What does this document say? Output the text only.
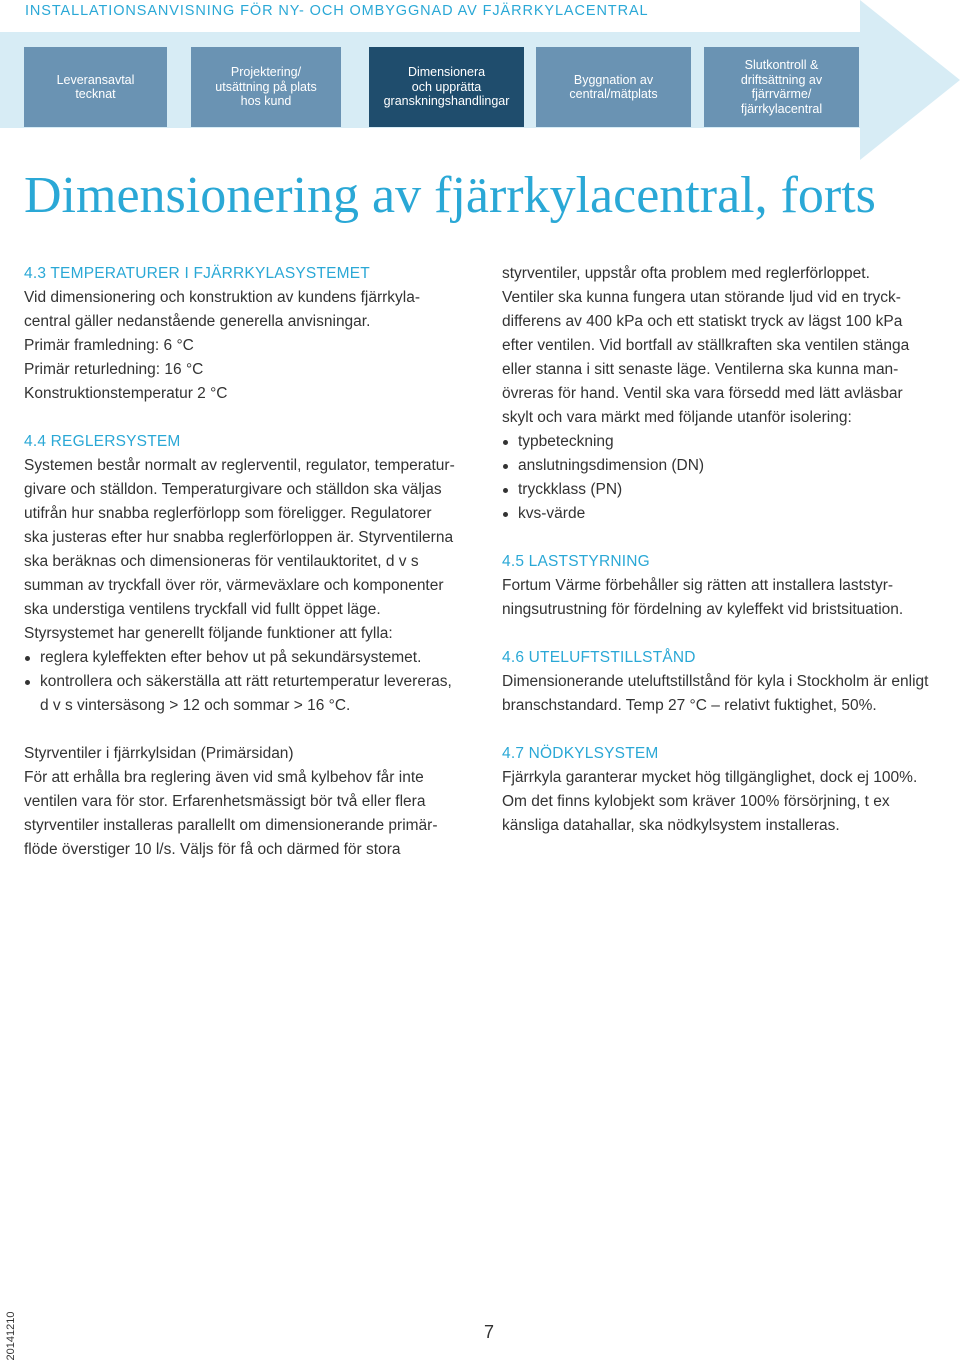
INSTALLATIONSANVISNING FÖR NY- OCH OMBYGGNAD AV FJÄRRKYLACENTRAL
Leveransavtal
tecknat
Projektering/
utsättning på plats
hos kund
Dimensionera
och upprätta
granskningshandlingar
Byggnation av
central/mätplats
Slutkontroll &
driftsättning av
fjärrvärme/
fjärrkylacentral
Dimensionering av fjärrkylacentral, forts

4.3 TEMPERATURER I FJÄRRKYLASYSTEMET

Vid dimensionering och konstruktion av kundens fjärrkyla-

central gäller nedanstående generella anvisningar.

Primär framledning: 6 °C

Primär returledning: 16 °C

Konstruktionstemperatur 2 °C

4.4 REGLERSYSTEM

Systemen består normalt av reglerventil, regulator, temperatur-

givare och ställdon. Temperaturgivare och ställdon ska väljas

utifrån hur snabba reglerförlopp som föreligger. Regulatorer

ska justeras efter hur snabba reglerförloppen är. Styrventilerna

ska beräknas och dimensioneras för ventilauktoritet, d v s

summan av tryckfall över rör, värmeväxlare och komponenter

ska understiga ventilens tryckfall vid fullt öppet läge.

Styrsystemet har generellt följande funktioner att fylla:

reglera kyleffekten efter behov ut på sekundärsystemet.
kontrollera och säkerställa att rätt returtemperatur levereras,
d v s vintersäsong > 12 och sommar > 16 °C.

Styrventiler i fjärrkylsidan (Primärsidan)

För att erhålla bra reglering även vid små kylbehov får inte

ventilen vara för stor. Erfarenhetsmässigt bör två eller flera

styrventiler installeras parallellt om dimensionerande primär-

flöde överstiger 10 l/s. Väljs för få och därmed för stora

styrventiler, uppstår ofta problem med reglerförloppet.

Ventiler ska kunna fungera utan störande ljud vid en tryck-

differens av 400 kPa och ett statiskt tryck av lägst 100 kPa

efter ventilen. Vid bortfall av ställkraften ska ventilen stänga

eller stanna i sitt senaste läge. Ventilerna ska kunna man-

övreras för hand. Ventil ska vara försedd med lätt avläsbar

skylt och vara märkt med följande utanför isolering:

typbeteckning
anslutningsdimension (DN)
tryckklass (PN)
kvs-värde

4.5 LASTSTYRNING

Fortum Värme förbehåller sig rätten att installera laststyr-

ningsutrustning för fördelning av kyleffekt vid bristsituation.

4.6 UTELUFTSTILLSTÅND

Dimensionerande uteluftstillstånd för kyla i Stockholm är enligt

branschstandard. Temp 27 °C – relativt fuktighet, 50%.

4.7 NÖDKYLSYSTEM

Fjärrkyla garanterar mycket hög tillgänglighet, dock ej 100%.

Om det finns kylobjekt som kräver 100% försörjning, t ex

känsliga datahallar, ska nödkylsystem installeras.

7
20141210
